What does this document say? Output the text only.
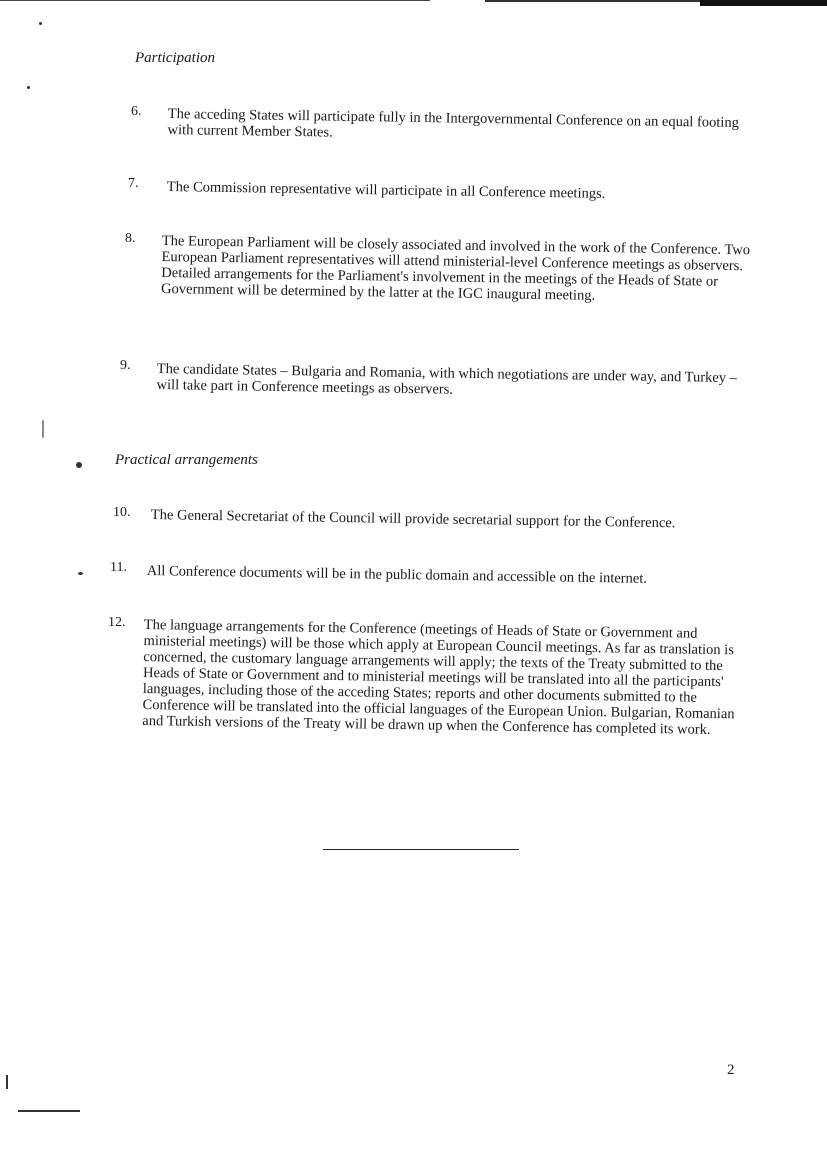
Participation
6. The acceding States will participate fully in the Intergovernmental Conference on an equal footing with current Member States.
7. The Commission representative will participate in all Conference meetings.
8. The European Parliament will be closely associated and involved in the work of the Conference. Two European Parliament representatives will attend ministerial-level Conference meetings as observers. Detailed arrangements for the Parliament's involvement in the meetings of the Heads of State or Government will be determined by the latter at the IGC inaugural meeting.
9. The candidate States – Bulgaria and Romania, with which negotiations are under way, and Turkey – will take part in Conference meetings as observers.
Practical arrangements
10. The General Secretariat of the Council will provide secretarial support for the Conference.
11. All Conference documents will be in the public domain and accessible on the internet.
12. The language arrangements for the Conference (meetings of Heads of State or Government and ministerial meetings) will be those which apply at European Council meetings. As far as translation is concerned, the customary language arrangements will apply; the texts of the Treaty submitted to the Heads of State or Government and to ministerial meetings will be translated into all the participants' languages, including those of the acceding States; reports and other documents submitted to the Conference will be translated into the official languages of the European Union. Bulgarian, Romanian and Turkish versions of the Treaty will be drawn up when the Conference has completed its work.
2
